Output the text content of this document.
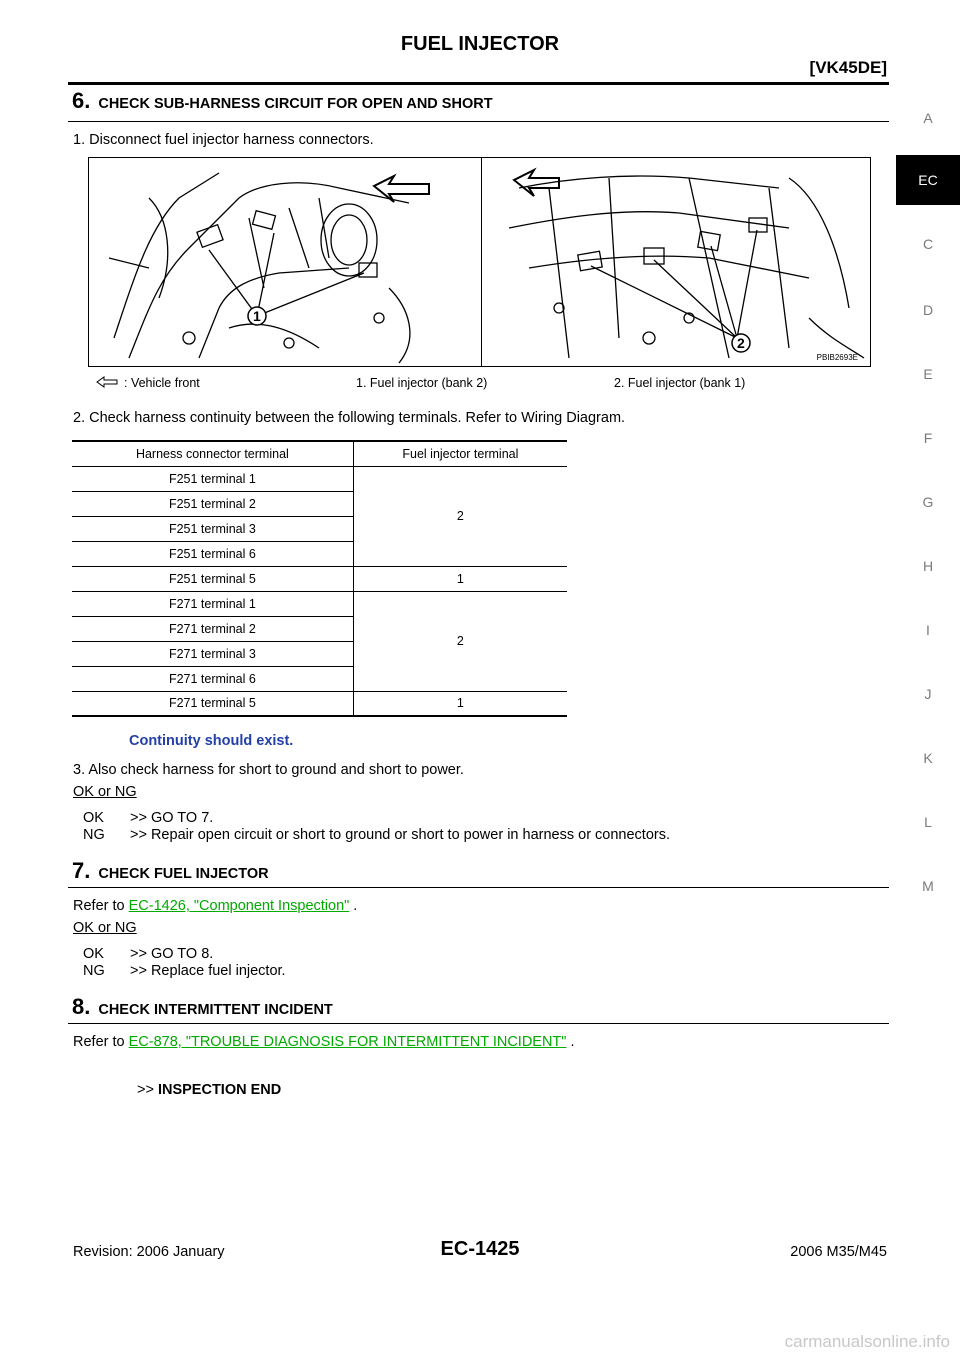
FUEL INJECTOR
[VK45DE]
A
EC
C
D
E
F
G
H
I
J
K
L
M
6. CHECK SUB-HARNESS CIRCUIT FOR OPEN AND SHORT
1. Disconnect fuel injector harness connectors.
1
2
PBIB2693E
: Vehicle front	1. Fuel injector (bank 2)	2. Fuel injector (bank 1)
2. Check harness continuity between the following terminals. Refer to Wiring Diagram.
Harness connector terminal	Fuel injector terminal
F251 terminal 1	2
F251 terminal 2	
F251 terminal 3	
F251 terminal 6	
F251 terminal 5	1
F271 terminal 1	2
F271 terminal 2	
F271 terminal 3	
F271 terminal 6	
F271 terminal 5	1
Continuity should exist.
3. Also check harness for short to ground and short to power.
OK or NG
OK >> GO TO 7.
NG >> Repair open circuit or short to ground or short to power in harness or connectors.
7. CHECK FUEL INJECTOR
Refer to EC-1426, "Component Inspection" .
OK or NG
OK >> GO TO 8.
NG >> Replace fuel injector.
8. CHECK INTERMITTENT INCIDENT
Refer to EC-878, "TROUBLE DIAGNOSIS FOR INTERMITTENT INCIDENT" .
>> INSPECTION END
Revision: 2006 January	EC-1425	2006 M35/M45
carmanualsonline.info
